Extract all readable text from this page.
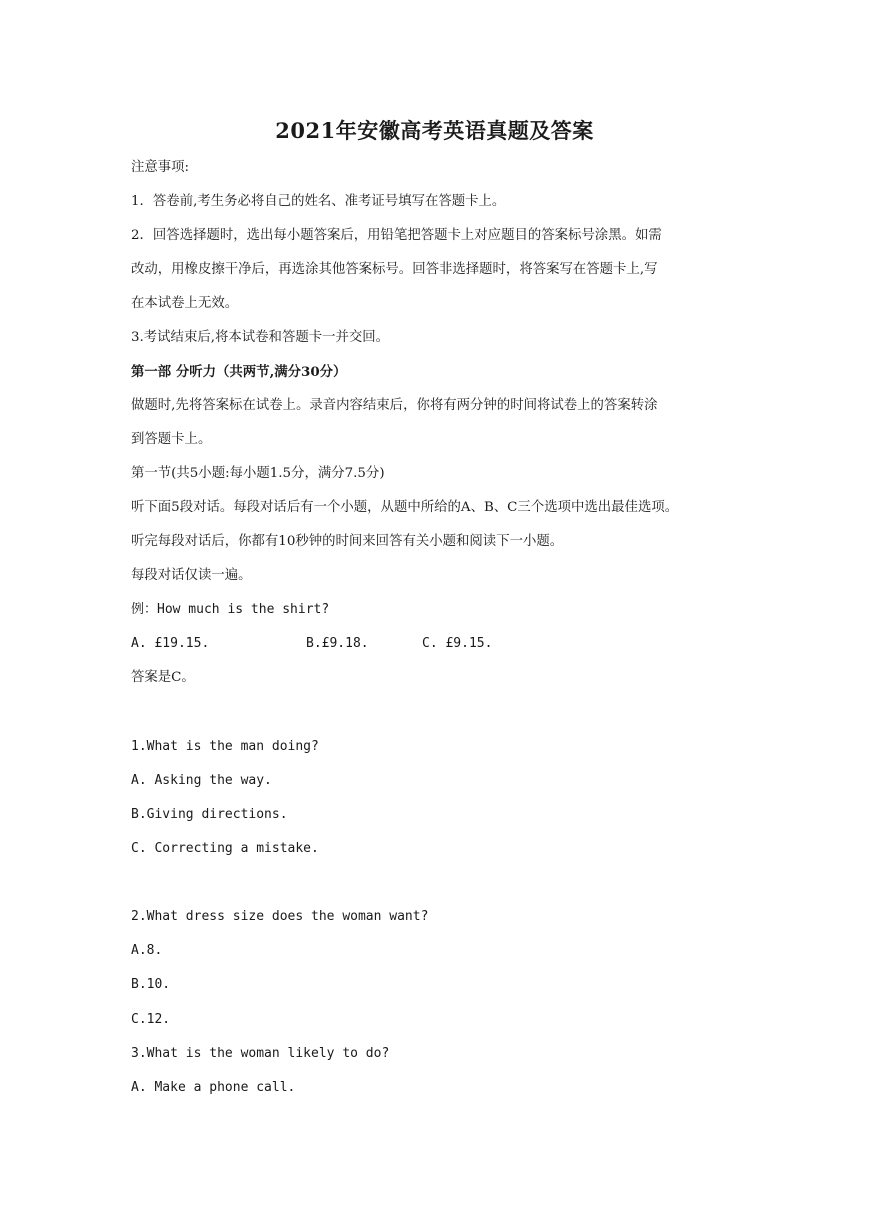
2021年安徽高考英语真题及答案
注意事项:
1．答卷前,考生务必将自己的姓名、准考证号填写在答题卡上。
2．回答选择题时，选出每小题答案后，用铅笔把答题卡上对应题目的答案标号涂黑。如需
改动，用橡皮擦干净后，再选涂其他答案标号。回答非选择题时，将答案写在答题卡上,写
在本试卷上无效。
3.考试结束后,将本试卷和答题卡一并交回。
第一部 分听力（共两节,满分30分）
做题时,先将答案标在试卷上。录音内容结束后，你将有两分钟的时间将试卷上的答案转涂
到答题卡上。
第一节(共5小题:每小题1.5分，满分7.5分)
听下面5段对话。每段对话后有一个小题，从题中所给的A、B、C三个选项中选出最佳选项。
听完每段对话后，你都有10秒钟的时间来回答有关小题和阅读下一小题。
每段对话仅读一遍。
例：How much is the shirt?
A. £19.15.	B.£9.18.	C. £9.15.
答案是C。
1.What is the man doing?
A. Asking the way.
B.Giving directions.
C. Correcting a mistake.
2.What dress size does the woman want?
A.8.
B.10.
C.12.
3.What is the woman likely to do?
A. Make a phone call.
